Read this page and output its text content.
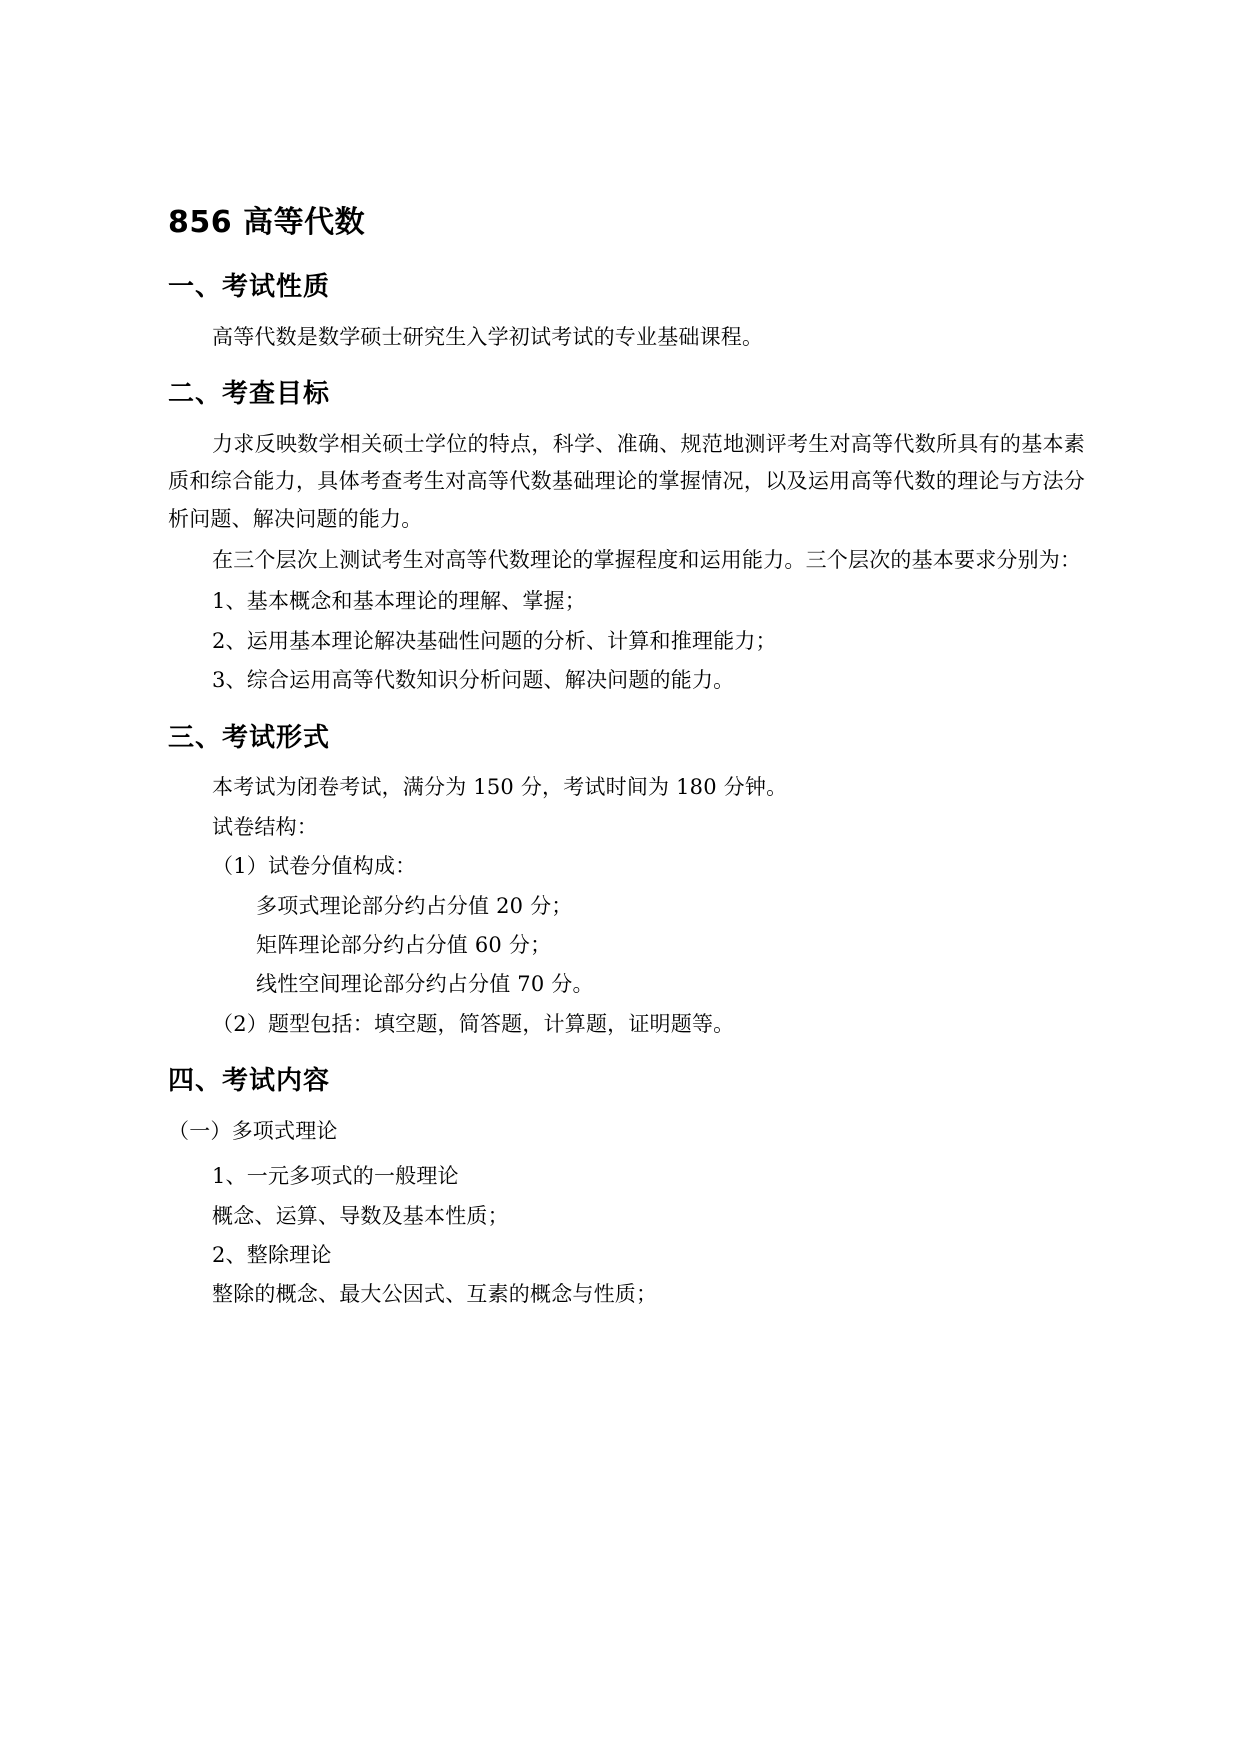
856 高等代数
一、考试性质

高等代数是数学硕士研究生入学初试考试的专业基础课程。

二、考查目标

力求反映数学相关硕士学位的特点，科学、准确、规范地测评考生对高等代数所具有的基本素质和综合能力，具体考查考生对高等代数基础理论的掌握情况，以及运用高等代数的理论与方法分析问题、解决问题的能力。

在三个层次上测试考生对高等代数理论的掌握程度和运用能力。三个层次的基本要求分别为：

1、基本概念和基本理论的理解、掌握；

2、运用基本理论解决基础性问题的分析、计算和推理能力；

3、综合运用高等代数知识分析问题、解决问题的能力。

三、考试形式

本考试为闭卷考试，满分为 150 分，考试时间为 180 分钟。

试卷结构：

（1）试卷分值构成：

多项式理论部分约占分值 20 分；

矩阵理论部分约占分值 60 分；

线性空间理论部分约占分值 70 分。

（2）题型包括：填空题，简答题，计算题，证明题等。

四、考试内容

（一）多项式理论

1、一元多项式的一般理论

概念、运算、导数及基本性质；

2、整除理论

整除的概念、最大公因式、互素的概念与性质；
